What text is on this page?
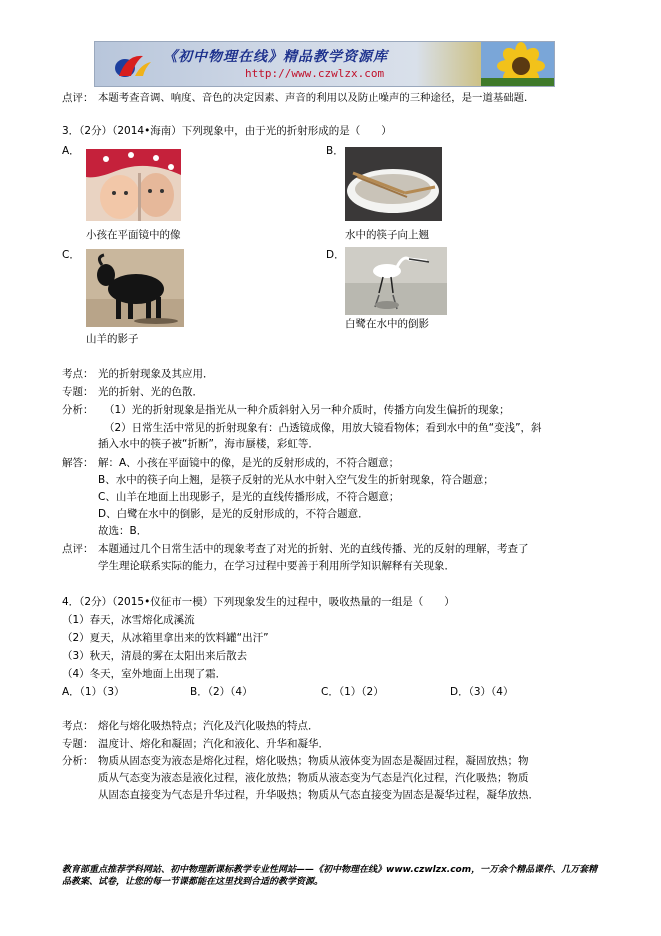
《初中物理在线》精品教学资源库
http://www.czwlzx.com
点评： 本题考查音调、响度、音色的决定因素、声音的利用以及防止噪声的三种途径，是一道基础题．
3．（2分）（2014•海南）下列现象中，由于光的折射形成的是（　　）
A．
小孩在平面镜中的像
B．
水中的筷子向上翘
C．
山羊的影子
D．
白鹭在水中的倒影
考点： 光的折射现象及其应用．
专题： 光的折射、光的色散．
分析： （1）光的折射现象是指光从一种介质斜射入另一种介质时，传播方向发生偏折的现象；
（2）日常生活中常见的折射现象有：凸透镜成像，用放大镜看物体；看到水中的鱼“变浅”，斜
插入水中的筷子被“折断”，海市蜃楼，彩虹等．
解答： 解：A、小孩在平面镜中的像，是光的反射形成的，不符合题意；
B、水中的筷子向上翘，是筷子反射的光从水中射入空气发生的折射现象，符合题意；
C、山羊在地面上出现影子，是光的直线传播形成，不符合题意；
D、白鹭在水中的倒影，是光的反射形成的，不符合题意．
故选：B．
点评： 本题通过几个日常生活中的现象考查了对光的折射、光的直线传播、光的反射的理解，考查了
学生理论联系实际的能力，在学习过程中要善于利用所学知识解释有关现象．
4．（2分）（2015•仪征市一模）下列现象发生的过程中，吸收热量的一组是（　　）
（1）春天，冰雪熔化成溪流
（2）夏天，从冰箱里拿出来的饮料罐“出汗”
（3）秋天，清晨的雾在太阳出来后散去
（4）冬天，室外地面上出现了霜．
A．（1）（3）	B．（2）（4）	C．（1）（2）	D．（3）（4）
考点： 熔化与熔化吸热特点；汽化及汽化吸热的特点．
专题： 温度计、熔化和凝固；汽化和液化、升华和凝华．
分析： 物质从固态变为液态是熔化过程，熔化吸热；物质从液体变为固态是凝固过程，凝固放热；物
质从气态变为液态是液化过程，液化放热；物质从液态变为气态是汽化过程，汽化吸热；物质
从固态直接变为气态是升华过程，升华吸热；物质从气态直接变为固态是凝华过程，凝华放热．
教育部重点推荐学科网站、初中物理新课标教学专业性网站——《初中物理在线》www.czwlzx.com，一万余个精品课件、几万套精品教案、试卷，让您的每一节课都能在这里找到合适的教学资源。
